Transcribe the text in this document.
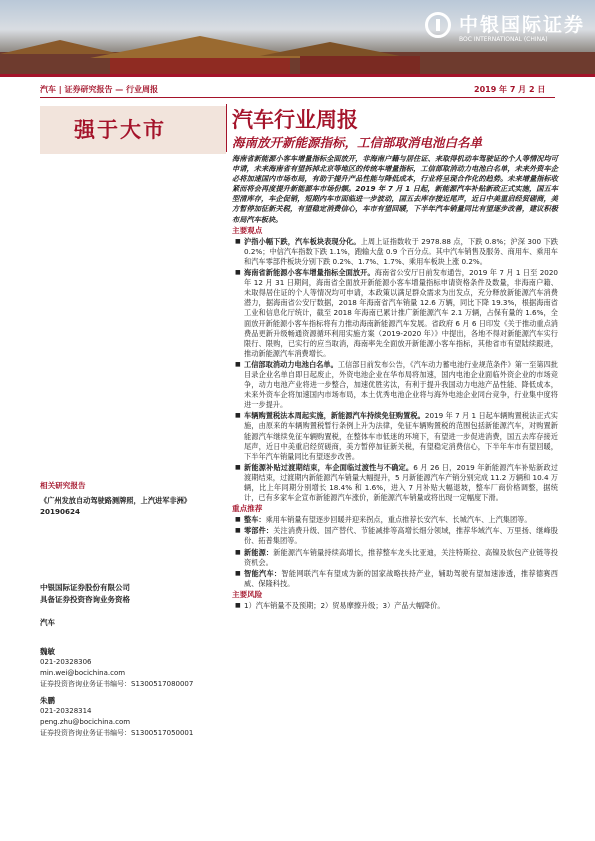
中银国际证券
BOC INTERNATIONAL (CHINA)
汽车 | 证券研究报告 — 行业周报	2019 年 7 月 2 日
强于大市	汽车行业周报
海南放开新能源指标，工信部取消电池白名单

海南省新能源小客车增量指标全面放开，非海南户籍与居住证、来取得机动车驾驶证的个人等情况均可申请，未来海南省有望拆掉北京等地区的传统车增量指标，工信部取消动力电池白名单，未来外资车企必将加速国内市场布局，有助于提升产品性能与降低成本，行业将呈现合作化的趋势。未来增量指标收紧而将会再度提升新能源车市场份额。2019 年 7 月 1 日起，新能源汽车补贴新政正式实施，国五车型清库存，车企促销，短期内车市面临进一步波动，国五去库存接近尾声，近日中美重启经贸磋商，美方暂停加征新关税，有望稳定消费信心，车市有望回暖，下半年汽车销量同比有望逐步改善，建议积极布局汽车板块。

主要观点
■ 沪指小幅下跌，汽车板块表现分化。上周上证指数收于 2978.88 点，下跌 0.8%；沪深 300 下跌 0.2%；中信汽车指数下跌 1.1%，跑输大盘 0.9 个百分点。其中汽车销售及服务、商用车、乘用车和汽车零部件板块分别下跌 0.2%、1.7%、1.7%、乘用车板块上涨 0.2%。
■ 海南省新能源小客车增量指标全面放开。海南省公安厅日前发布通告，2019 年 7 月 1 日至 2020 年 12 月 31 日期间，海南省全面放开新能源小客车增量指标申请资格条件及数量，非海南户籍、未取得居住证的个人等情况均可申请，本政策以满足群众需求为出发点，充分释放新能源汽车消费潜力，据海南省公安厅数据，2018 年海南省汽车销量 12.6 万辆，同比下降 19.3%，根据海南省工业和信息化厅统计，截至 2018 年海南已累计推广新能源汽车 2.1 万辆，占保有量的 1.6%，全面放开新能源小客车指标将有力推动海南新能源汽车发展。省政府 6 月 6 日印发《关于推动重点消费品更新升级畅通资源循环利用实施方案（2019-2020 年）》中提出，各地不得对新能源汽车实行限行、限购，已实行的应当取消，海南率先全面放开新能源小客车指标，其他省市有望陆续跟进，推动新能源汽车消费增长。
■ 工信部取消动力电池白名单。工信部日前发布公告，《汽车动力蓄电池行业规范条件》第一至第四批目录企业名单自即日起废止，外资电池企业在华布局将加速，国内电池企业面临外资企业的市场竞争，动力电池产业将进一步整合，加速优胜劣汰，有利于提升我国动力电池产品性能、降低成本，未来外资车企将加速国内市场布局，本土优秀电池企业将与海外电池企业同台竞争，行业集中度将进一步提升。
■ 车辆购置税法本周起实施，新能源汽车持续免征购置税。2019 年 7 月 1 日起车辆购置税法正式实施，由原来的车辆购置税暂行条例上升为法律，免征车辆购置税的范围包括新能源汽车，对购置新能源汽车继续免征车辆购置税，在整体车市低迷的环境下，有望进一步促进消费，国五去库存接近尾声，近日中美重启经贸磋商，美方暂停加征新关税，有望稳定消费信心，下半年车市有望回暖，下半年汽车销量同比有望逐步改善。
■ 新能源补贴过渡期结束，车企面临过渡性与不确定。6 月 26 日，2019 年新能源汽车补贴新政过渡期结束，过渡期内新能源汽车销量大幅提升，5 月新能源汽车产销分别完成 11.2 万辆和 10.4 万辆，比上年同期分别增长 18.4% 和 1.6%，进入 7 月补贴大幅退坡，整车厂商价格调整，据统计，已有多家车企宣布新能源汽车涨价，新能源汽车销量或将出现一定幅度下滑。
重点推荐
■ 整车：乘用车销量有望逐步回暖并迎来拐点，重点推荐长安汽车、长城汽车、上汽集团等。
■ 零部件：关注消费升级、国产替代、节能减排等高增长细分领域，推荐华域汽车、万里扬、继峰股份、拓普集团等。
■ 新能源：新能源汽车销量持续高增长，推荐整车龙头比亚迪，关注特斯拉、高镍及软包产业链等投资机会。
■ 智能汽车：智能网联汽车有望成为新的国家战略扶持产业，辅助驾驶有望加速渗透，推荐德赛西威、保隆科技。
主要风险
■ 1）汽车销量不及预期；2）贸易摩擦升级；3）产品大幅降价。
相关研究报告
《广州发放自动驾驶路测牌照，上汽进军非洲》20190624
中银国际证券股份有限公司
具备证券投资咨询业务资格
汽车
魏敏
021-20328306
min.wei@bocichina.com
证券投资咨询业务证书编号：S1300517080007
朱鹏
021-20328314
peng.zhu@bocichina.com
证券投资咨询业务证书编号：S1300517050001
